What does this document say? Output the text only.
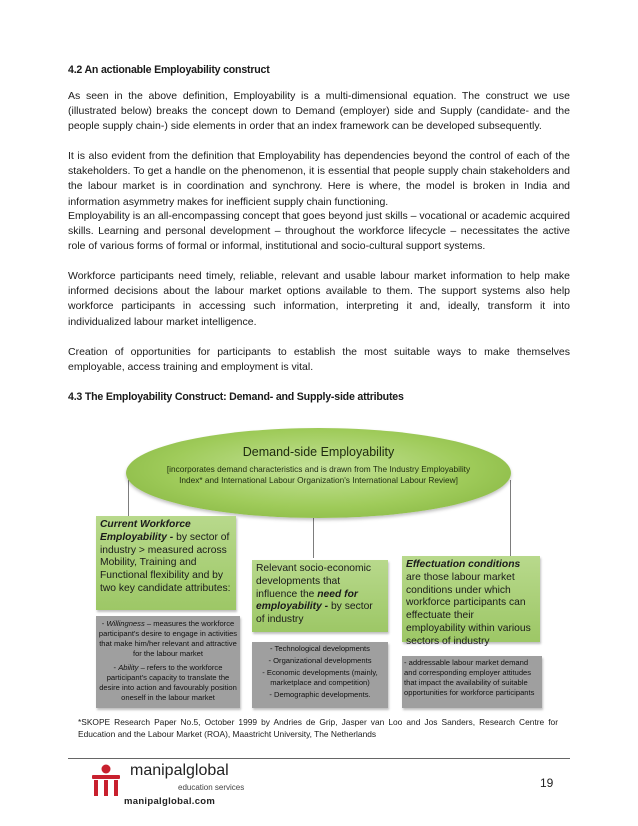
4.2 An actionable Employability construct
As seen in the above definition, Employability is a multi-dimensional equation. The construct we use (illustrated below) breaks the concept down to Demand (employer) side and Supply (candidate- and the people supply chain-) side elements in order that an index framework can be developed subsequently.
It is also evident from the definition that Employability has dependencies beyond the control of each of the stakeholders. To get a handle on the phenomenon, it is essential that people supply chain stakeholders and the labour market is in coordination and synchrony. Here is where, the model is broken in India and information asymmetry makes for inefficient supply chain functioning.
Employability is an all-encompassing concept that goes beyond just skills – vocational or academic acquired skills. Learning and personal development – throughout the workforce lifecycle – necessitates the active role of various forms of formal or informal, institutional and socio-cultural support systems.
Workforce participants need timely, reliable, relevant and usable labour market information to help make informed decisions about the labour market options available to them. The support systems also help workforce participants in accessing such information, interpreting it and, ideally, transform it into individualized labour market intelligence.
Creation of opportunities for participants to establish the most suitable ways to make themselves employable, access training and employment is vital.
4.3 The Employability Construct: Demand- and Supply-side attributes
Demand-side Employability
[incorporates demand characteristics and is drawn from The Industry Employability Index* and International Labour Organization's International Labour Review]
Current Workforce Employability - by sector of industry > measured across Mobility, Training and Functional flexibility and by two key candidate attributes:
- Willingness – measures the workforce participant's desire to engage in activities that make him/her relevant and attractive for the labour market
- Ability – refers to the workforce participant's capacity to translate the desire into action and favourably position oneself in the labour market
Relevant socio-economic developments that influence the need for employability - by sector of industry
- Technological developments
- Organizational developments
- Economic developments (mainly, marketplace and competition)
- Demographic developments.
Effectuation conditions are those labour market conditions under which workforce participants can effectuate their employability within various sectors of industry
- addressable labour market demand and corresponding employer attitudes that impact the availability of suitable opportunities for workforce participants
*SKOPE Research Paper No.5, October 1999 by Andries de Grip, Jasper van Loo and Jos Sanders, Research Centre for Education and the Labour Market (ROA), Maastricht University, The Netherlands
manipalglobal
education services
manipalglobal.com
19
